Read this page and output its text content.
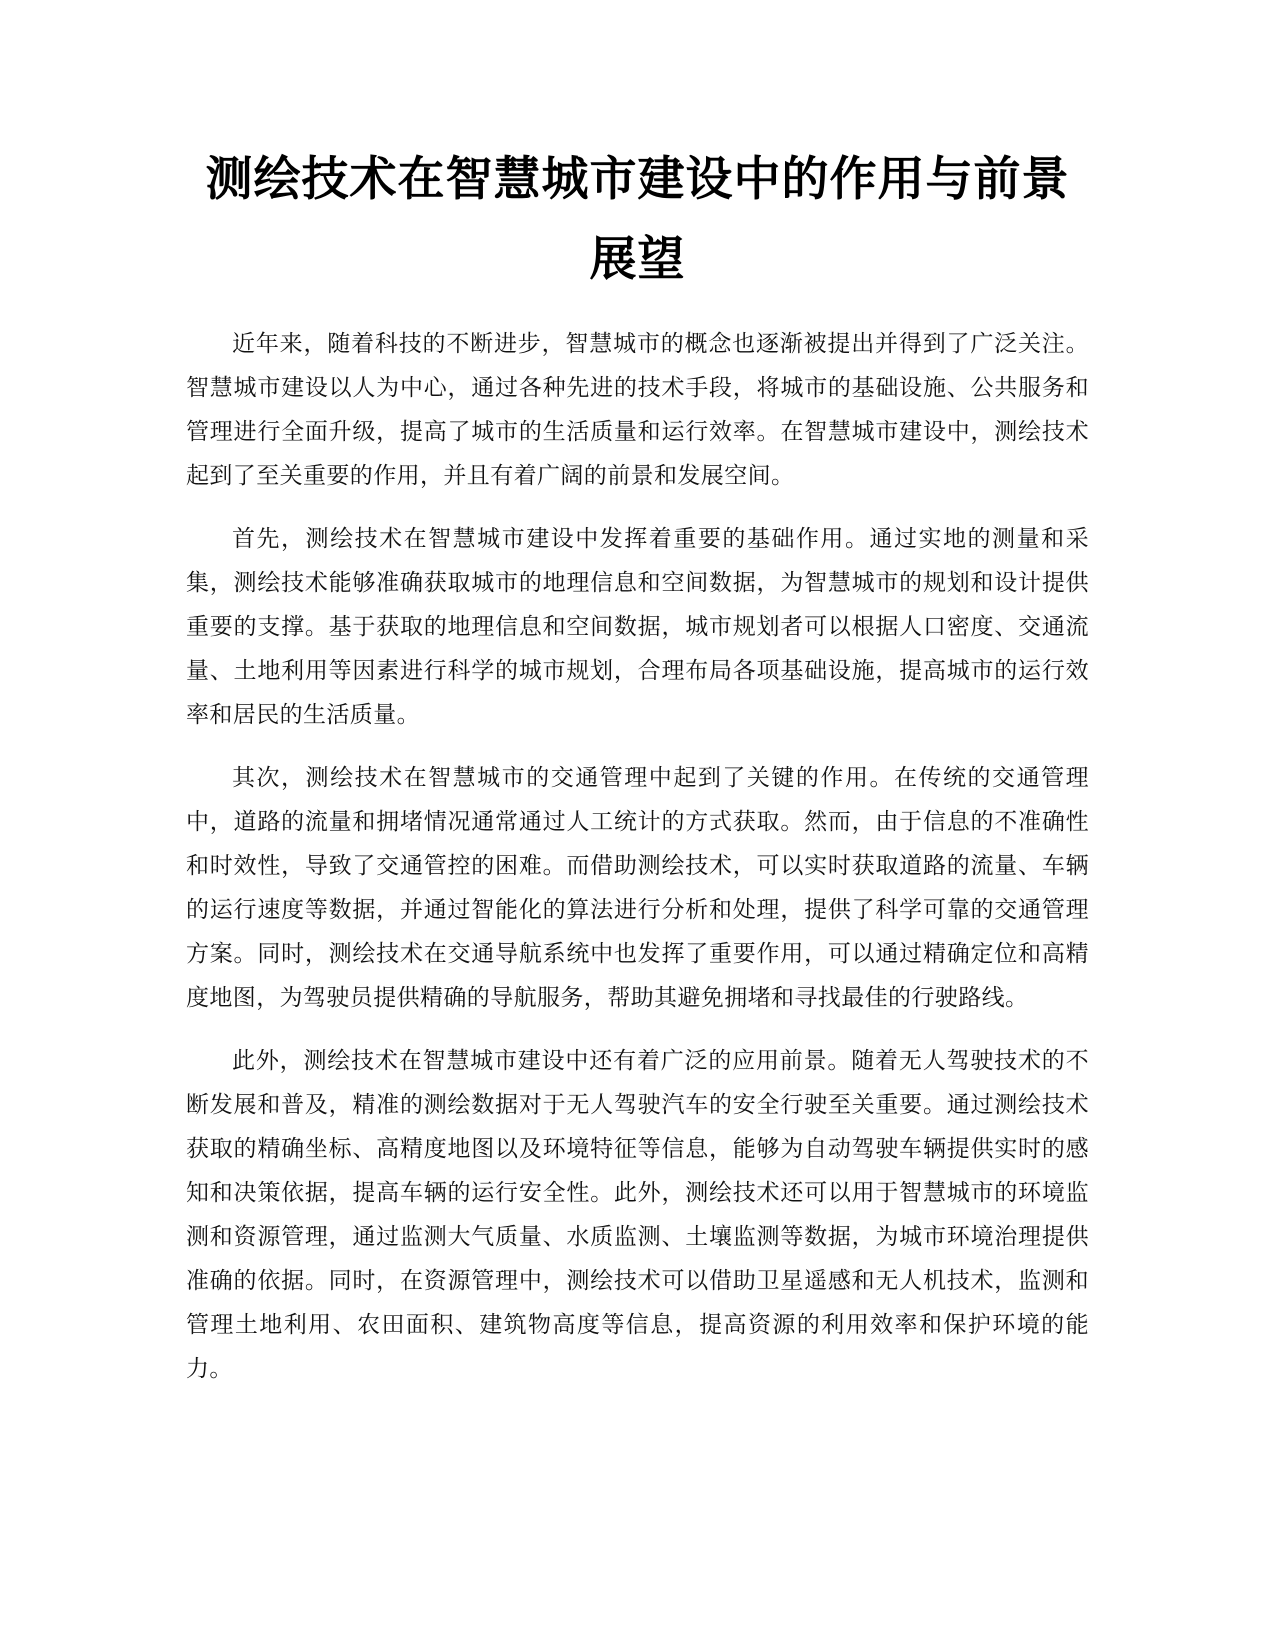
测绘技术在智慧城市建设中的作用与前景展望

近年来，随着科技的不断进步，智慧城市的概念也逐渐被提出并得到了广泛关注。智慧城市建设以人为中心，通过各种先进的技术手段，将城市的基础设施、公共服务和管理进行全面升级，提高了城市的生活质量和运行效率。在智慧城市建设中，测绘技术起到了至关重要的作用，并且有着广阔的前景和发展空间。

首先，测绘技术在智慧城市建设中发挥着重要的基础作用。通过实地的测量和采集，测绘技术能够准确获取城市的地理信息和空间数据，为智慧城市的规划和设计提供重要的支撑。基于获取的地理信息和空间数据，城市规划者可以根据人口密度、交通流量、土地利用等因素进行科学的城市规划，合理布局各项基础设施，提高城市的运行效率和居民的生活质量。

其次，测绘技术在智慧城市的交通管理中起到了关键的作用。在传统的交通管理中，道路的流量和拥堵情况通常通过人工统计的方式获取。然而，由于信息的不准确性和时效性，导致了交通管控的困难。而借助测绘技术，可以实时获取道路的流量、车辆的运行速度等数据，并通过智能化的算法进行分析和处理，提供了科学可靠的交通管理方案。同时，测绘技术在交通导航系统中也发挥了重要作用，可以通过精确定位和高精度地图，为驾驶员提供精确的导航服务，帮助其避免拥堵和寻找最佳的行驶路线。

此外，测绘技术在智慧城市建设中还有着广泛的应用前景。随着无人驾驶技术的不断发展和普及，精准的测绘数据对于无人驾驶汽车的安全行驶至关重要。通过测绘技术获取的精确坐标、高精度地图以及环境特征等信息，能够为自动驾驶车辆提供实时的感知和决策依据，提高车辆的运行安全性。此外，测绘技术还可以用于智慧城市的环境监测和资源管理，通过监测大气质量、水质监测、土壤监测等数据，为城市环境治理提供准确的依据。同时，在资源管理中，测绘技术可以借助卫星遥感和无人机技术，监测和管理土地利用、农田面积、建筑物高度等信息，提高资源的利用效率和保护环境的能力。
